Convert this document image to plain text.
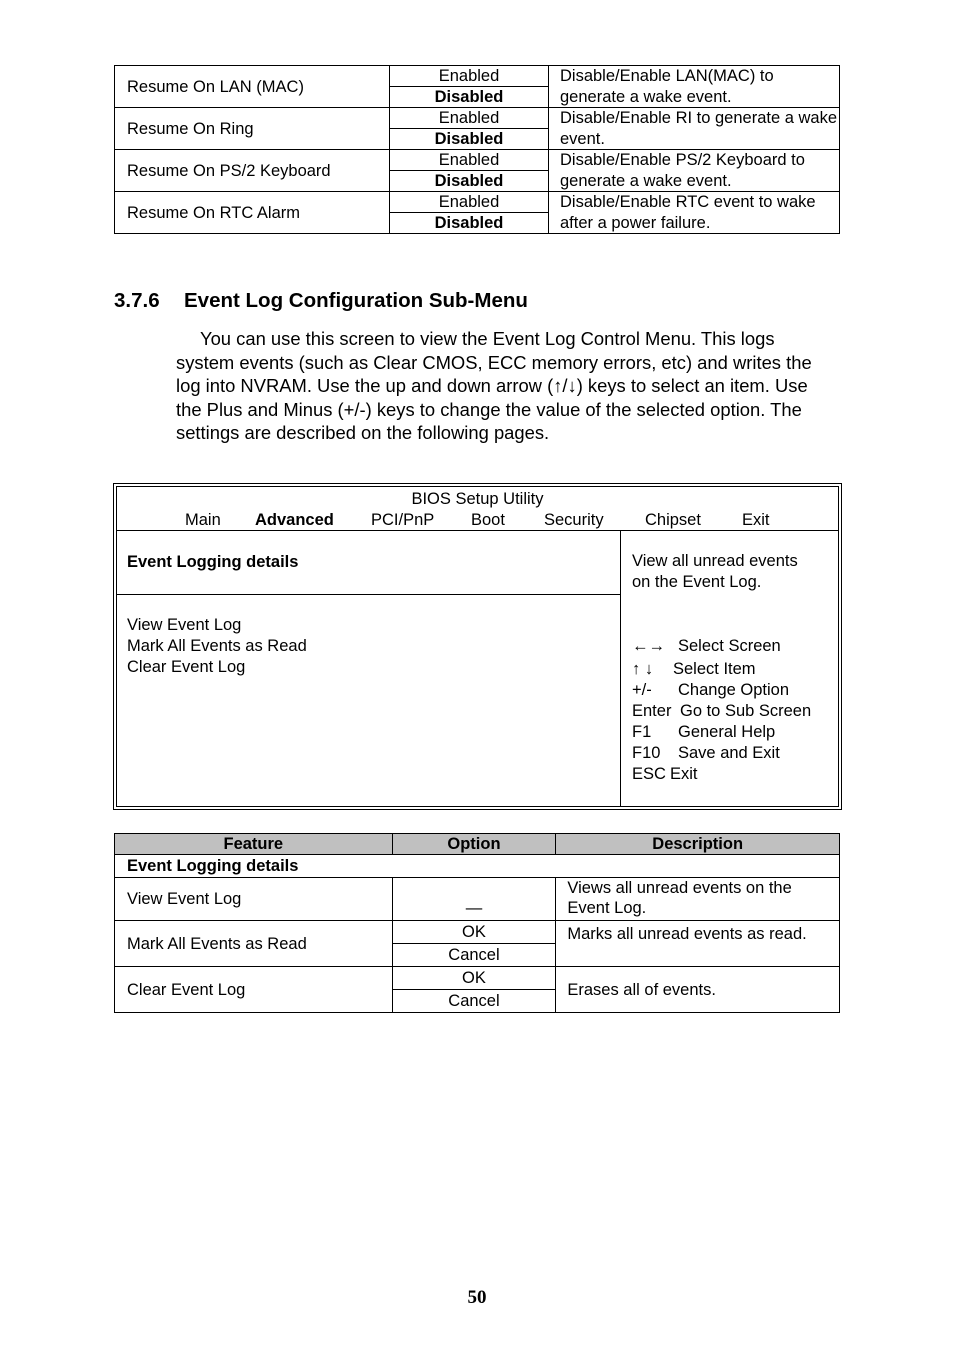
Resume On LAN (MAC)	Enabled	Disable/Enable LAN(MAC) to generate a wake event.
	Disabled	
Resume On Ring	Enabled	Disable/Enable RI to generate a wake event.
	Disabled	
Resume On PS/2 Keyboard	Enabled	Disable/Enable PS/2 Keyboard to generate a wake event.
	Disabled	
Resume On RTC Alarm	Enabled	Disable/Enable RTC event to wake after a power failure.
	Disabled	
3.7.6 Event Log Configuration Sub-Menu
You can use this screen to view the Event Log Control Menu. This logs system events (such as Clear CMOS, ECC memory errors, etc) and writes the log into NVRAM. Use the up and down arrow (↑/↓) keys to select an item. Use the Plus and Minus (+/-) keys to change the value of the selected option. The settings are described on the following pages.
BIOS Setup Utility
Main Advanced PCI/PnP Boot Security	Chipset Exit
Event Logging details
View Event Log
Mark All Events as Read
Clear Event Log
View all unread events
on the Event Log.
←→ Select Screen
↑ ↓ Select Item
+/- Change Option
Enter Go to Sub Screen
F1 General Help
F10 Save and Exit
ESC Exit
Feature	Option	Description
Event Logging details		
View Event Log	—	Views all unread events on the Event Log.
Mark All Events as Read	OK	Marks all unread events as read.
	Cancel	
Clear Event Log	OK	Erases all of events.
	Cancel	
50
